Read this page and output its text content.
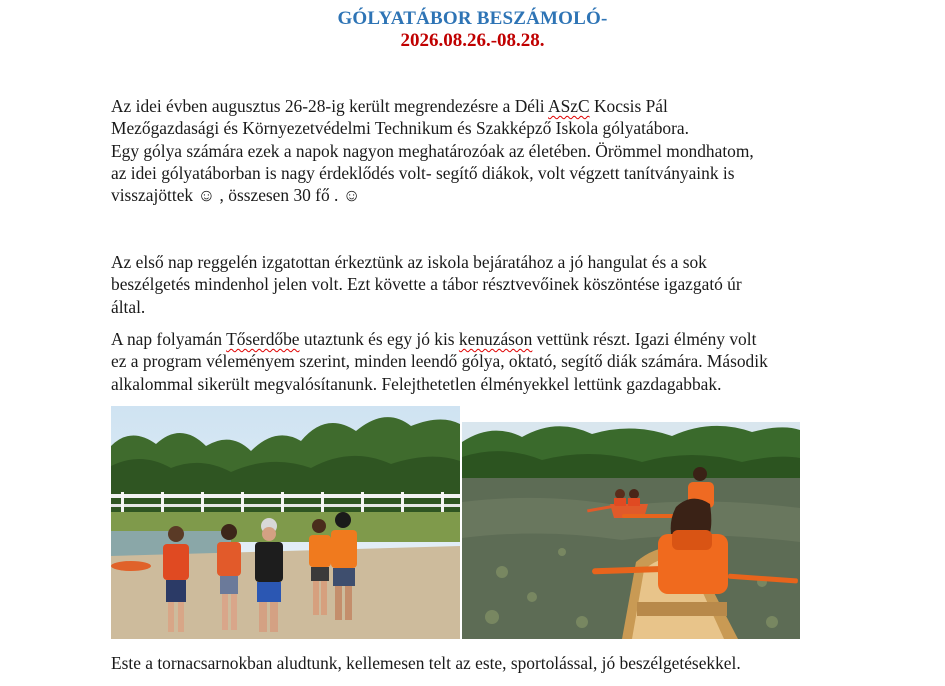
GÓLYATÁBOR BESZÁMOLÓ-
2026.08.26.-08.28.
Az idei évben augusztus 26-28-ig került megrendezésre a Déli ASzC Kocsis Pál
Mezőgazdasági és Környezetvédelmi Technikum és Szakképző Iskola gólyatábora.
Egy gólya számára ezek a napok nagyon meghatározóak az életében. Örömmel mondhatom,
az idei gólyatáborban is nagy érdeklődés volt- segítő diákok, volt végzett tanítványaink is
visszajöttek ☺ , összesen 30 fő . ☺
Az első nap reggelén izgatottan érkeztünk az iskola bejáratához a jó hangulat és a sok
beszélgetés mindenhol jelen volt. Ezt követte a tábor résztvevőinek köszöntése igazgató úr
által.
A nap folyamán Tőserdőbe utaztunk és egy jó kis kenuzáson vettünk részt. Igazi élmény volt
ez a program véleményem szerint, minden leendő gólya, oktató, segítő diák számára. Második
alkalommal sikerült megvalósítanunk. Felejthetetlen élményekkel lettünk gazdagabbak.
Este a tornacsarnokban aludtunk, kellemesen telt az este, sportolással, jó beszélgetésekkel.
